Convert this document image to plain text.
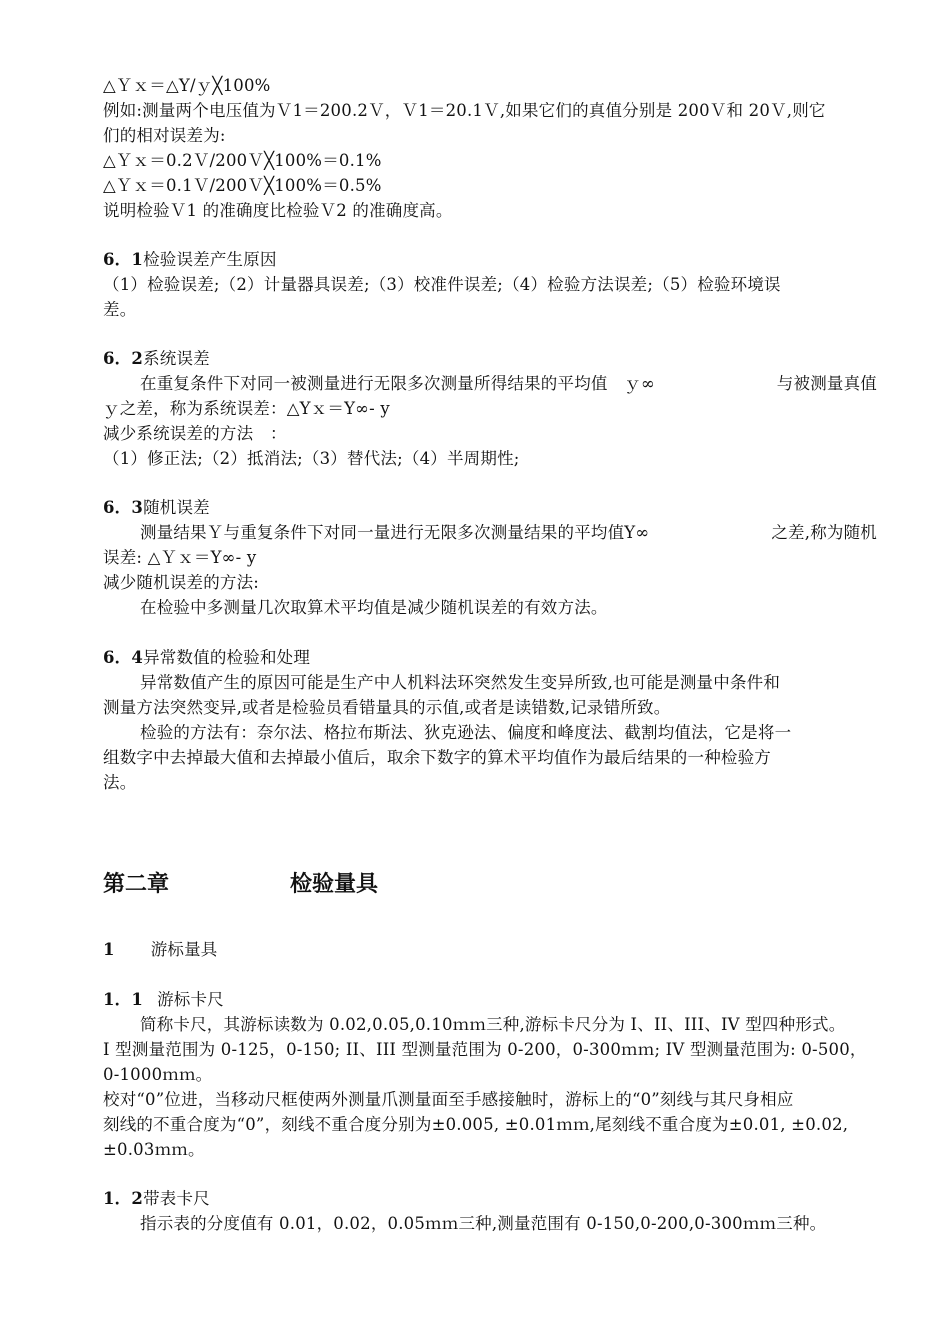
△Ｙｘ＝△Y/ｙ╳100%
例如:测量两个电压值为Ｖ1＝200.2Ｖ，Ｖ1＝20.1Ｖ,如果它们的真值分别是 200Ｖ和 20Ｖ,则它
们的相对误差为:
△Ｙｘ＝0.2Ｖ/200Ｖ╳100%＝0.1%
△Ｙｘ＝0.1Ｖ/200Ｖ╳100%＝0.5%
说明检验Ｖ1 的准确度比检验Ｖ2 的准确度高。
6．1检验误差产生原因
（1）检验误差;（2）计量器具误差;（3）校准件误差;（4）检验方法误差;（5）检验环境误
差。
6．2系统误差
在重复条件下对同一被测量进行无限多次测量所得结果的平均值　ｙ∞	与被测量真值
ｙ之差，称为系统误差：△Yｘ＝Y∞- y
减少系统误差的方法　：
（1）修正法;（2）抵消法;（3）替代法;（4）半周期性;
6．3随机误差
测量结果Ｙ与重复条件下对同一量进行无限多次测量结果的平均值Y∞	之差,称为随机
误差: △Ｙｘ＝Y∞- y
减少随机误差的方法:
在检验中多测量几次取算术平均值是减少随机误差的有效方法。
6．4异常数值的检验和处理
异常数值产生的原因可能是生产中人机料法环突然发生变异所致,也可能是测量中条件和
测量方法突然变异,或者是检验员看错量具的示值,或者是读错数,记录错所致。
检验的方法有：奈尔法、格拉布斯法、狄克逊法、偏度和峰度法、截割均值法，它是将一
组数字中去掉最大值和去掉最小值后，取余下数字的算术平均值作为最后结果的一种检验方
法。
第二章	检验量具
1 游标量具
1．1 游标卡尺
简称卡尺，其游标读数为 0.02,0.05,0.10ｍｍ三种,游标卡尺分为 I、II、III、IV 型四种形式。
I 型测量范围为 0-125，0-150; II、III 型测量范围为 0-200，0-300ｍｍ; IV 型测量范围为: 0-500，
0-1000ｍｍ。
校对“0”位进，当移动尺框使两外测量爪测量面至手感接触时，游标上的“0”刻线与其尺身相应
刻线的不重合度为“0”，刻线不重合度分别为±0.005, ±0.01ｍｍ,尾刻线不重合度为±0.01, ±0.02,
±0.03ｍｍ。
1．2带表卡尺
指示表的分度值有 0.01，0.02，0.05ｍｍ三种,测量范围有 0-150,0-200,0-300ｍｍ三种。
